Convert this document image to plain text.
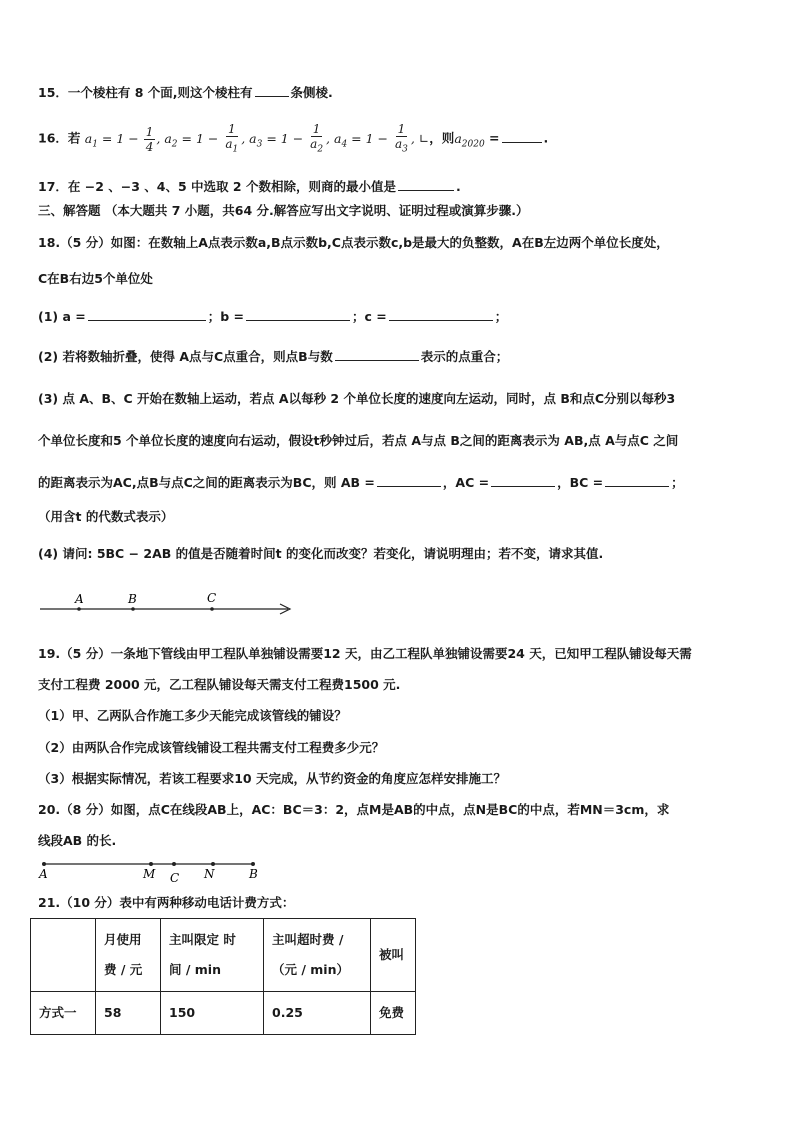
15．一个棱柱有 8 个面,则这个棱柱有	条侧棱.
16．若 $a_1 = 1 - \frac{1}{4}$ , $a_2 = 1 - \frac{1}{a_1}$ , $a_3 = 1 - \frac{1}{a_2}$ , $a_4 = 1 - \frac{1}{a_3}$ , ∟，则$a_{2020}$ =	.
17．在 −2 、−3 、4、5 中选取 2 个数相除，则商的最小值是	.
三、解答题 （本大题共 7 小题，共64 分.解答应写出文字说明、证明过程或演算步骤.）
18.（5 分）如图：在数轴上A点表示数a,B点示数b,C点表示数c,b是最大的负整数，A在B左边两个单位长度处，
C在B右边5个单位处
(1) a =	；b =	；c =	；
(2) 若将数轴折叠，使得 A点与C点重合，则点B与数	表示的点重合；
(3) 点 A、B、C 开始在数轴上运动，若点 A以每秒 2 个单位长度的速度向左运动，同时，点 B和点C分别以每秒3
个单位长度和5 个单位长度的速度向右运动，假设t秒钟过后，若点 A与点 B之间的距离表示为 AB,点 A与点C 之间
的距离表示为AC,点B与点C之间的距离表示为BC，则 AB =	，AC =	，BC =	；
（用含t 的代数式表示）
(4) 请问: 5BC − 2AB 的值是否随着时间t 的变化而改变？若变化，请说明理由；若不变，请求其值.
A	B	C
19.（5 分）一条地下管线由甲工程队单独铺设需要12 天，由乙工程队单独铺设需要24 天，已知甲工程队铺设每天需
支付工程费 2000 元，乙工程队铺设每天需支付工程费1500 元.
（1）甲、乙两队合作施工多少天能完成该管线的铺设？
（2）由两队合作完成该管线铺设工程共需支付工程费多少元？
（3）根据实际情况，若该工程要求10 天完成，从节约资金的角度应怎样安排施工？
20.（8 分）如图，点C在线段AB上，AC：BC＝3：2，点M是AB的中点，点N是BC的中点，若MN＝3cm，求
线段AB 的长.
A	M C N	B
21.（10 分）表中有两种移动电话计费方式：

	月使用 费 / 元	主叫限定 时间 / min	主叫超时费 /（元 / min）	被叫
方式一	58	150	0.25	免费
